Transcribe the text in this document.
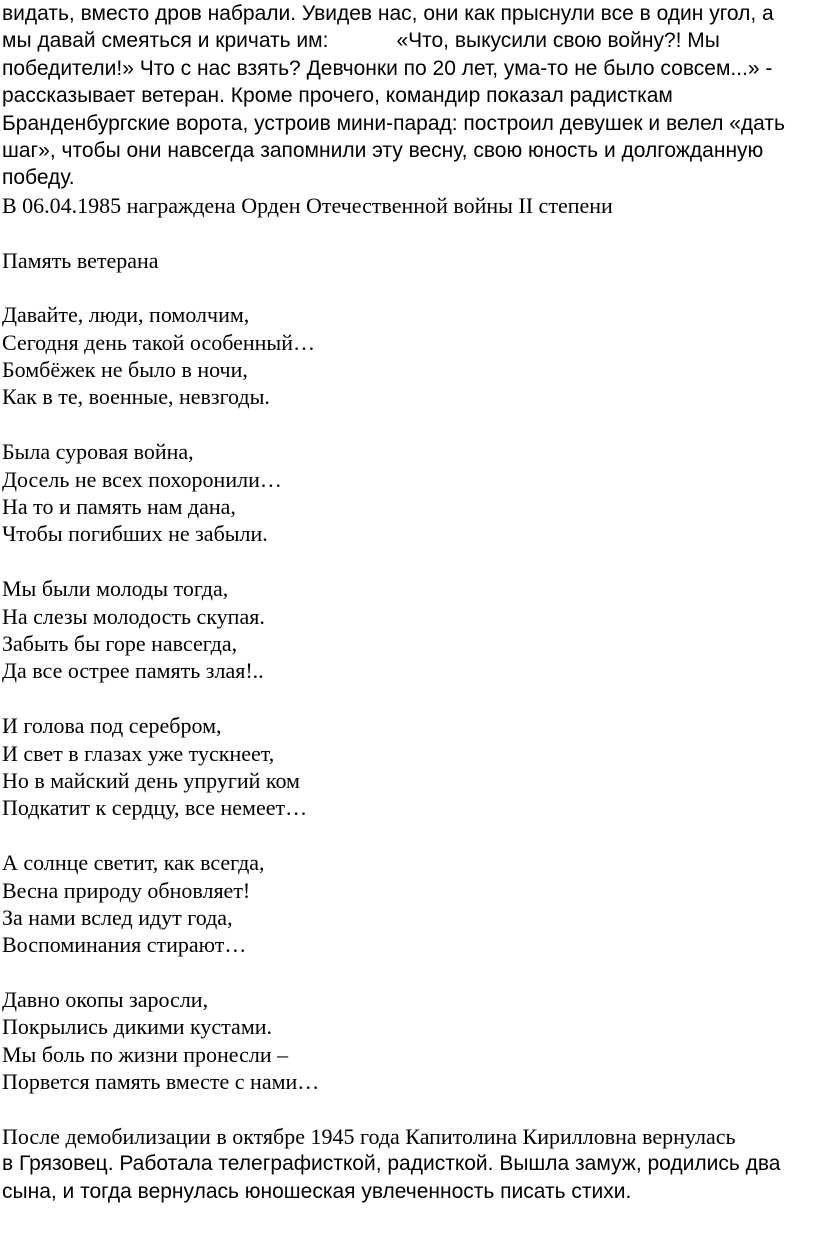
видать, вместо дров набрали. Увидев нас, они как прыснули все в один угол, а
мы давай смеяться и кричать им:	«Что, выкусили свою войну?! Мы
победители!» Что с нас взять? Девчонки по 20 лет, ума-то не было совсем...» -
рассказывает ветеран. Кроме прочего, командир показал радисткам
Бранденбургские ворота, устроив мини-парад: построил девушек и велел «дать
шаг», чтобы они навсегда запомнили эту весну, свою юность и долгожданную
победу.
В 06.04.1985 награждена Орден Отечественной войны II степени
Память ветерана
Давайте, люди, помолчим,
Сегодня день такой особенный…
Бомбёжек не было в ночи,
Как в те, военные, невзгоды.
Была суровая война,
Досель не всех похоронили…
На то и память нам дана,
Чтобы погибших не забыли.
Мы были молоды тогда,
На слезы молодость скупая.
Забыть бы горе навсегда,
Да все острее память злая!..
И голова под серебром,
И свет в глазах уже тускнеет,
Но в майский день упругий ком
Подкатит к сердцу, все немеет…
А солнце светит, как всегда,
Весна природу обновляет!
За нами вслед идут года,
Воспоминания стирают…
Давно окопы заросли,
Покрылись дикими кустами.
Мы боль по жизни пронесли –
Порвется память вместе с нами…
После демобилизации в октябре 1945 года Капитолина Кирилловна вернулась
в Грязовец. Работала телеграфисткой, радисткой. Вышла замуж, родились два
сына, и тогда вернулась юношеская увлеченность писать стихи.
